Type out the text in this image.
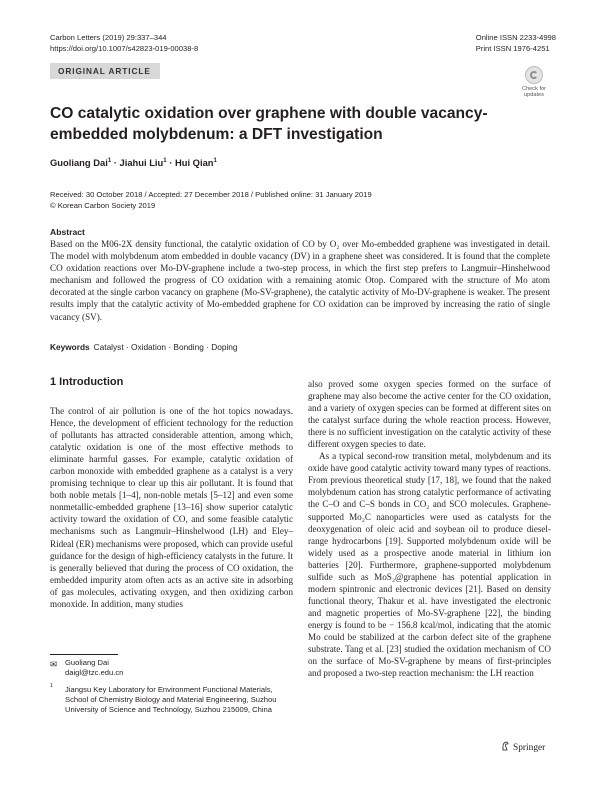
Carbon Letters (2019) 29:337–344
https://doi.org/10.1007/s42823-019-00038-8
Online ISSN 2233-4998
Print ISSN 1976-4251
ORIGINAL ARTICLE
Check for
updates
CO catalytic oxidation over graphene with double vacancy-embedded molybdenum: a DFT investigation
Guoliang Dai$^1$ · Jiahui Liu$^1$ · Hui Qian$^1$
Received: 30 October 2018 / Accepted: 27 December 2018 / Published online: 31 January 2019
© Korean Carbon Society 2019
Abstract
Based on the M06-2X density functional, the catalytic oxidation of CO by O₂ over Mo-embedded graphene was investigated in detail. The model with molybdenum atom embedded in double vacancy (DV) in a graphene sheet was considered. It is found that the complete CO oxidation reactions over Mo-DV-graphene include a two-step process, in which the first step prefers to Langmuir–Hinshelwood mechanism and followed the progress of CO oxidation with a remaining atomic Otop. Compared with the structure of Mo atom decorated at the single carbon vacancy on graphene (Mo-SV-graphene), the catalytic activity of Mo-DV-graphene is weaker. The present results imply that the catalytic activity of Mo-embedded graphene for CO oxidation can be improved by increasing the ratio of single vacancy (SV).
Keywords Catalyst · Oxidation · Bonding · Doping
1 Introduction

The control of air pollution is one of the hot topics nowadays. Hence, the development of efficient technology for the reduction of pollutants has attracted considerable attention, among which, catalytic oxidation is one of the most effective methods to eliminate harmful gasses. For example, catalytic oxidation of carbon monoxide with embedded graphene as a catalyst is a very promising technique to clear up this air pollutant. It is found that both noble metals [1–4], non-noble metals [5–12] and even some nonmetallic-embedded graphene [13–16] show superior catalytic activity toward the oxidation of CO, and some feasible catalytic mechanisms such as Langmuir–Hinshelwood (LH) and Eley–Rideal (ER) mechanisms were proposed, which can provide useful guidance for the design of high-efficiency catalysts in the future. It is generally believed that during the process of CO oxidation, the embedded impurity atom often acts as an active site in adsorbing of gas molecules, activating oxygen, and then oxidizing carbon monoxide. In addition, many studies

also proved some oxygen species formed on the surface of graphene may also become the active center for the CO oxidation, and a variety of oxygen species can be formed at different sites on the catalyst surface during the whole reaction process. However, there is no sufficient investigation on the catalytic activity of these different oxygen species to date.

As a typical second-row transition metal, molybdenum and its oxide have good catalytic activity toward many types of reactions. From previous theoretical study [17, 18], we found that the naked molybdenum cation has strong catalytic performance of activating the C–O and C–S bonds in CO₂ and SCO molecules. Graphene-supported Mo₂C nanoparticles were used as catalysts for the deoxygenation of oleic acid and soybean oil to produce diesel-range hydrocarbons [19]. Supported molybdenum oxide will be widely used as a prospective anode material in lithium ion batteries [20]. Furthermore, graphene-supported molybdenum sulfide such as MoS₂@graphene has potential application in modern spintronic and electronic devices [21]. Based on density functional theory, Thakur et al. have investigated the electronic and magnetic properties of Mo-SV-graphene [22], the binding energy is found to be − 156.8 kcal/mol, indicating that the atomic Mo could be stabilized at the carbon defect site of the graphene substrate. Tang et al. [23] studied the oxidation mechanism of CO on the surface of Mo-SV-graphene by means of first-principles and proposed a two-step reaction mechanism: the LH reaction

✉ Guoliang Dai
daigl@tzc.edu.cn
1 Jiangsu Key Laboratory for Environment Functional Materials, School of Chemistry Biology and Material Engineering, Suzhou University of Science and Technology, Suzhou 215009, China
Springer
